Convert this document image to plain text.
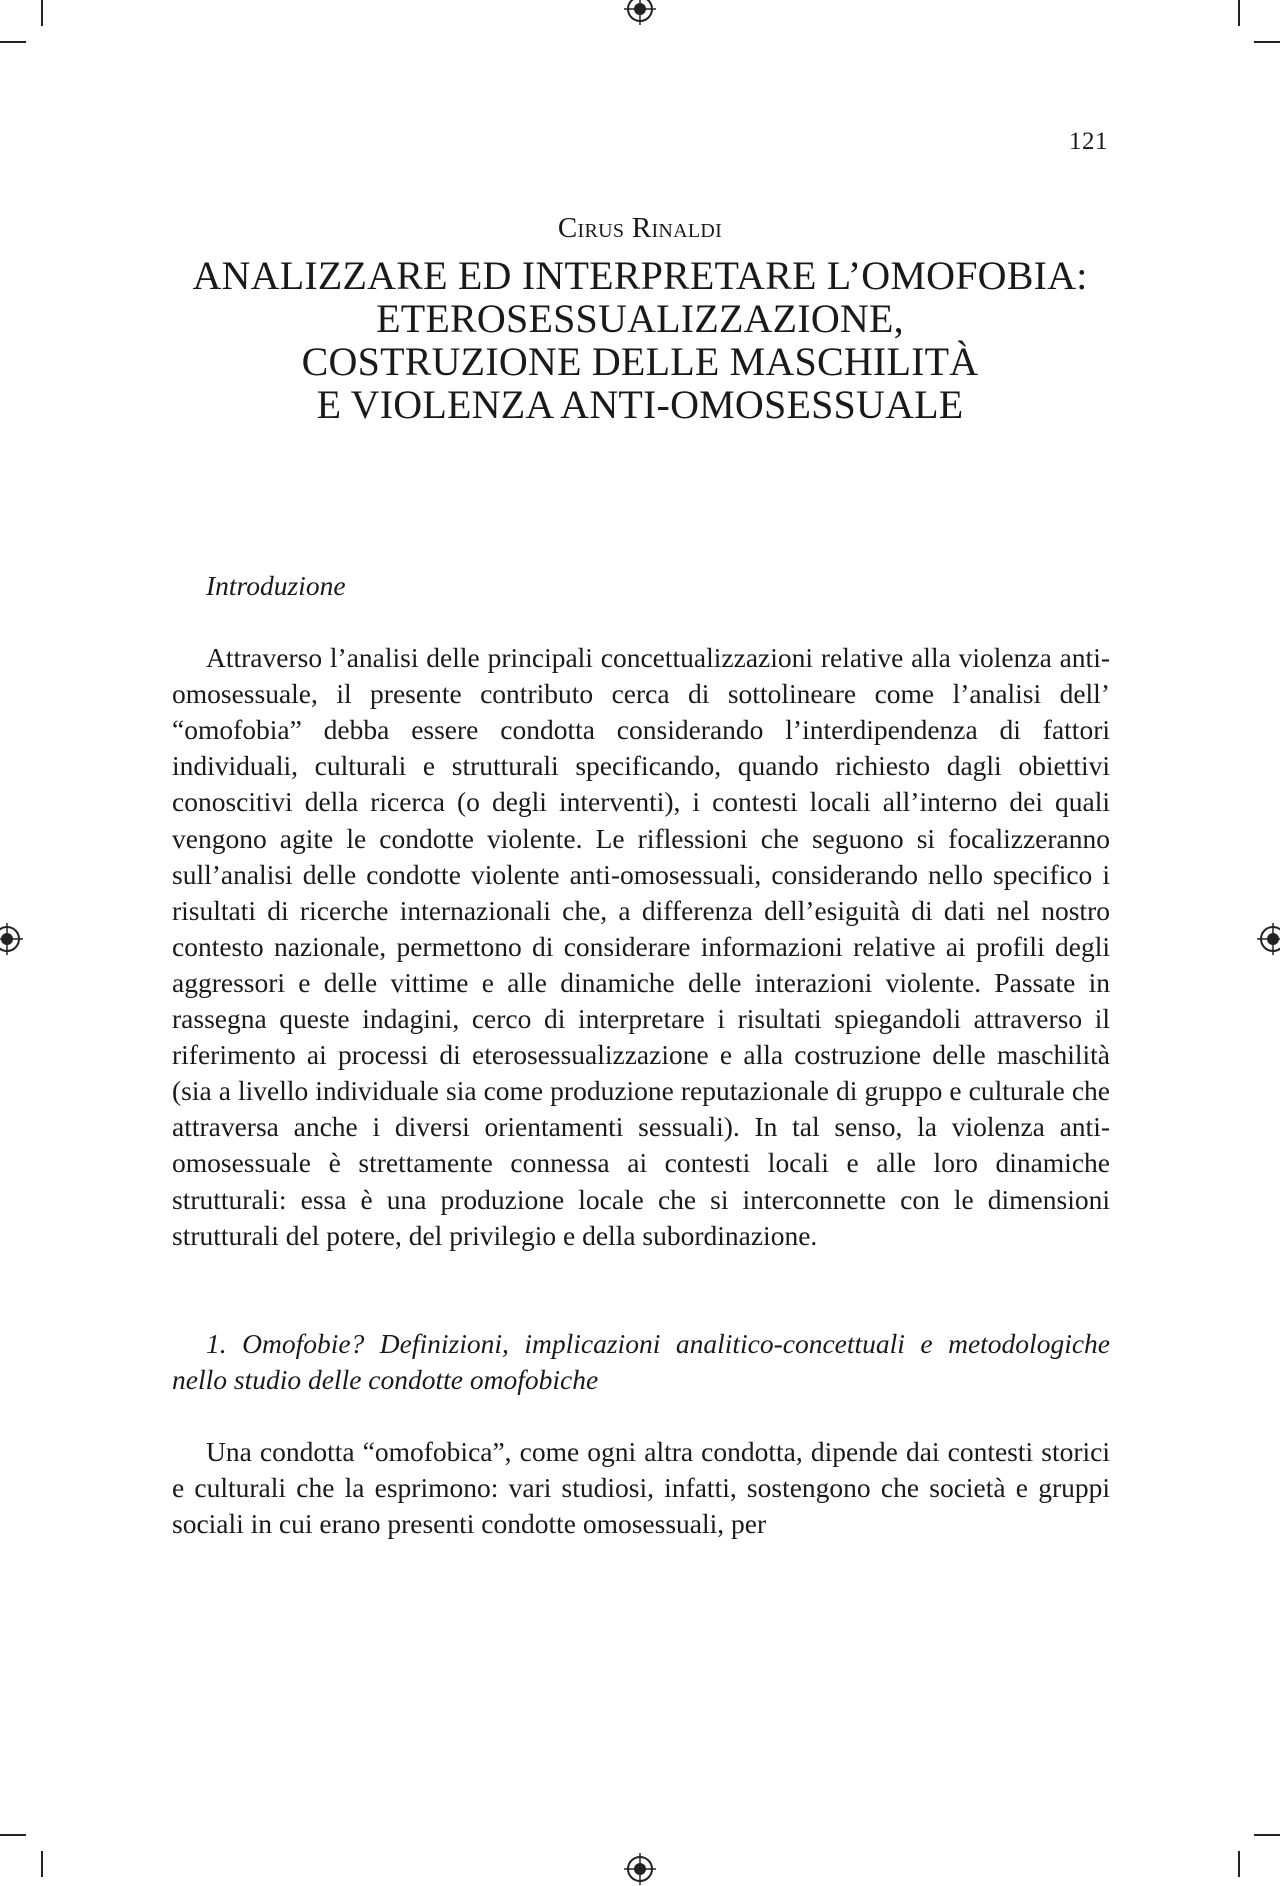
121

Cirus Rinaldi

ANALIZZARE ED INTERPRETARE L’OMOFOBIA:
ETEROSESSUALIZZAZIONE,
COSTRUZIONE DELLE MASCHILITÀ
E VIOLENZA ANTI-OMOSESSUALE

Introduzione

Attraverso l’analisi delle principali concettualizzazioni relative alla violenza anti-omosessuale, il presente contributo cerca di sottolineare come l’analisi dell’ “omofobia” debba essere condotta considerando l’interdipendenza di fattori individuali, culturali e strutturali specificando, quando richiesto dagli obiettivi conoscitivi della ricerca (o degli interventi), i contesti locali all’interno dei quali vengono agite le condotte violente. Le riflessioni che seguono si focalizzeranno sull’analisi delle condotte violente anti-omosessuali, considerando nello specifico i risultati di ricerche internazionali che, a differenza dell’esiguità di dati nel nostro contesto nazionale, permettono di considerare informazioni relative ai profili degli aggressori e delle vittime e alle dinamiche delle interazioni violente. Passate in rassegna queste indagini, cerco di interpretare i risultati spiegandoli attraverso il riferimento ai processi di eterosessualizzazione e alla costruzione delle maschilità (sia a livello individuale sia come produzione reputazionale di gruppo e culturale che attraversa anche i diversi orientamenti sessuali). In tal senso, la violenza anti-omosessuale è strettamente connessa ai contesti locali e alle loro dinamiche strutturali: essa è una produzione locale che si interconnette con le dimensioni strutturali del potere, del privilegio e della subordinazione.

1. Omofobie? Definizioni, implicazioni analitico-concettuali e metodologiche nello studio delle condotte omofobiche

Una condotta “omofobica”, come ogni altra condotta, dipende dai contesti storici e culturali che la esprimono: vari studiosi, infatti, sostengono che società e gruppi sociali in cui erano presenti condotte omosessuali, per
